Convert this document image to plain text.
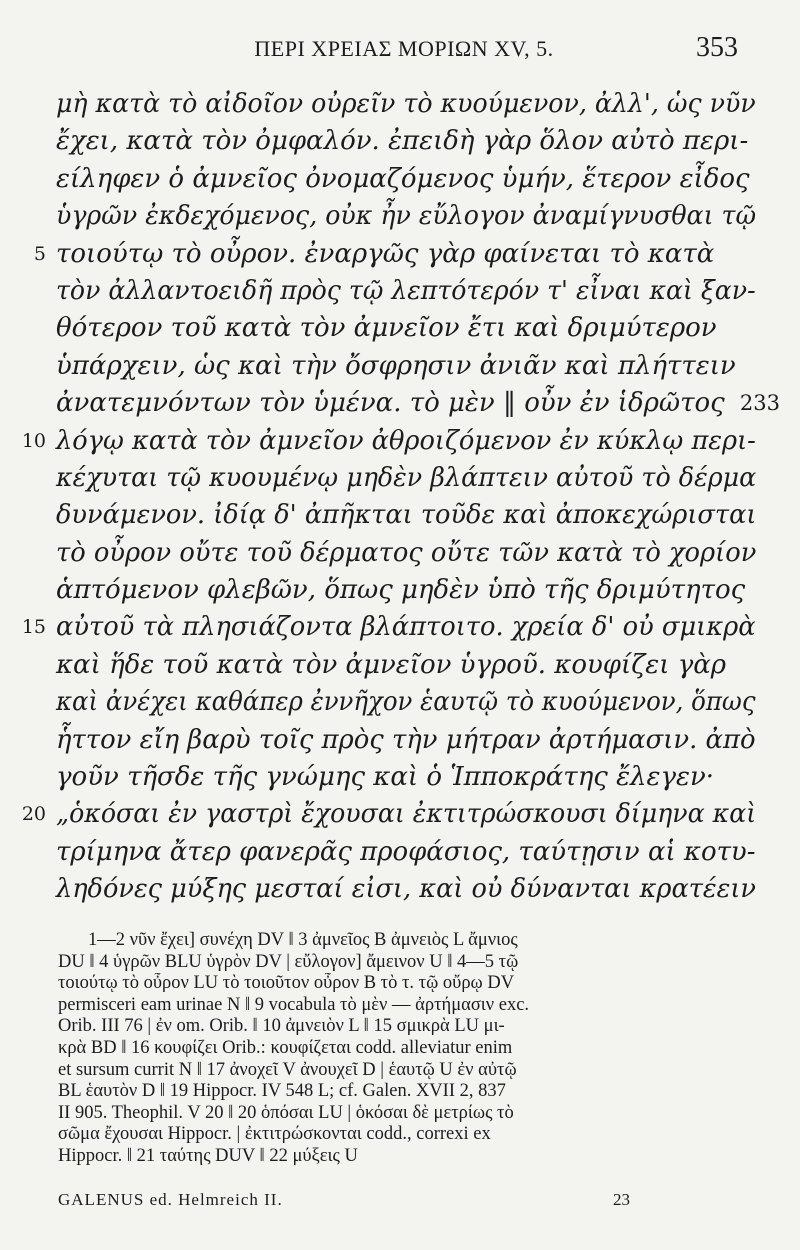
ΠΕΡΙ ΧΡΕΙΑΣ ΜΟΡΙΩΝ XV, 5.	353
μὴ κατὰ τὸ αἰδοῖον οὐρεῖν τὸ κυούμενον, ἀλλ', ὡς νῦν
ἔχει, κατὰ τὸν ὀμφαλόν. ἐπειδὴ γὰρ ὅλον αὐτὸ περι-
είληφεν ὁ ἀμνεῖος ὀνομαζόμενος ὑμήν, ἕτερον εἶδος
ὑγρῶν ἐκδεχόμενος, οὐκ ἦν εὔλογον ἀναμίγνυσθαι τῷ
5 τοιούτῳ τὸ οὖρον. ἐναργῶς γὰρ φαίνεται τὸ κατὰ
τὸν ἀλλαντοειδῆ πρὸς τῷ λεπτότερόν τ' εἶναι καὶ ξαν-
θότερον τοῦ κατὰ τὸν ἀμνεῖον ἔτι καὶ δριμύτερον
ὑπάρχειν, ὡς καὶ τὴν ὄσφρησιν ἀνιᾶν καὶ πλήττειν
ἀνατεμνόντων τὸν ὑμένα. τὸ μὲν ‖ οὖν ἐν ἱδρῶτος 233
10 λόγῳ κατὰ τὸν ἀμνεῖον ἀθροιζόμενον ἐν κύκλῳ περι-
κέχυται τῷ κυουμένῳ μηδὲν βλάπτειν αὐτοῦ τὸ δέρμα
δυνάμενον. ἰδίᾳ δ' ἀπῆκται τοῦδε καὶ ἀποκεχώρισται
τὸ οὖρον οὔτε τοῦ δέρματος οὔτε τῶν κατὰ τὸ χορίον
ἁπτόμενον φλεβῶν, ὅπως μηδὲν ὑπὸ τῆς δριμύτητος
15 αὐτοῦ τὰ πλησιάζοντα βλάπτοιτο. χρεία δ' οὐ σμικρὰ
καὶ ἥδε τοῦ κατὰ τὸν ἀμνεῖον ὑγροῦ. κουφίζει γὰρ
καὶ ἀνέχει καθάπερ ἐννῆχον ἑαυτῷ τὸ κυούμενον, ὅπως
ἧττον εἴη βαρὺ τοῖς πρὸς τὴν μήτραν ἀρτήμασιν. ἀπὸ
γοῦν τῆσδε τῆς γνώμης καὶ ὁ Ἱπποκράτης ἔλεγεν·
20 „ὁκόσαι ἐν γαστρὶ ἔχουσαι ἐκτιτρώσκουσι δίμηνα καὶ
τρίμηνα ἄτερ φανερᾶς προφάσιος, ταύτῃσιν αἱ κοτυ-
ληδόνες μύξης μεσταί εἰσι, καὶ οὐ δύνανται κρατέειν
1—2 νῦν ἔχει] συνέχη DV ‖ 3 ἀμνεῖος B ἀμνειὸς L ἄμνιος
DU ‖ 4 ὑγρῶν BLU ὑγρὸν DV | εὔλογον] ἄμεινον U ‖ 4—5 τῷ
τοιούτῳ τὸ οὖρον LU τὸ τοιοῦτον οὖρον B τὸ τ. τῷ οὔρῳ DV
permisceri eam urinae N ‖ 9 vocabula τὸ μὲν — ἀρτήμασιν exc.
Orib. III 76 | ἐν om. Orib. ‖ 10 ἀμνειὸν L ‖ 15 σμικρὰ LU μι-
κρὰ BD ‖ 16 κουφίζει Orib.: κουφίζεται codd. alleviatur enim
et sursum currit N ‖ 17 ἀνοχεῖ V ἀνουχεῖ D | ἑαυτῷ U ἐν αὐτῷ
BL ἑαυτὸν D ‖ 19 Hippocr. IV 548 L; cf. Galen. XVII 2, 837
II 905. Theophil. V 20 ‖ 20 ὁπόσαι LU | ὁκόσαι δὲ μετρίως τὸ
σῶμα ἔχουσαι Hippocr. | ἐκτιτρώσκονται codd., correxi ex
Hippocr. ‖ 21 ταύτης DUV ‖ 22 μύξεις U
GALENUS ed. Helmreich II.	23
